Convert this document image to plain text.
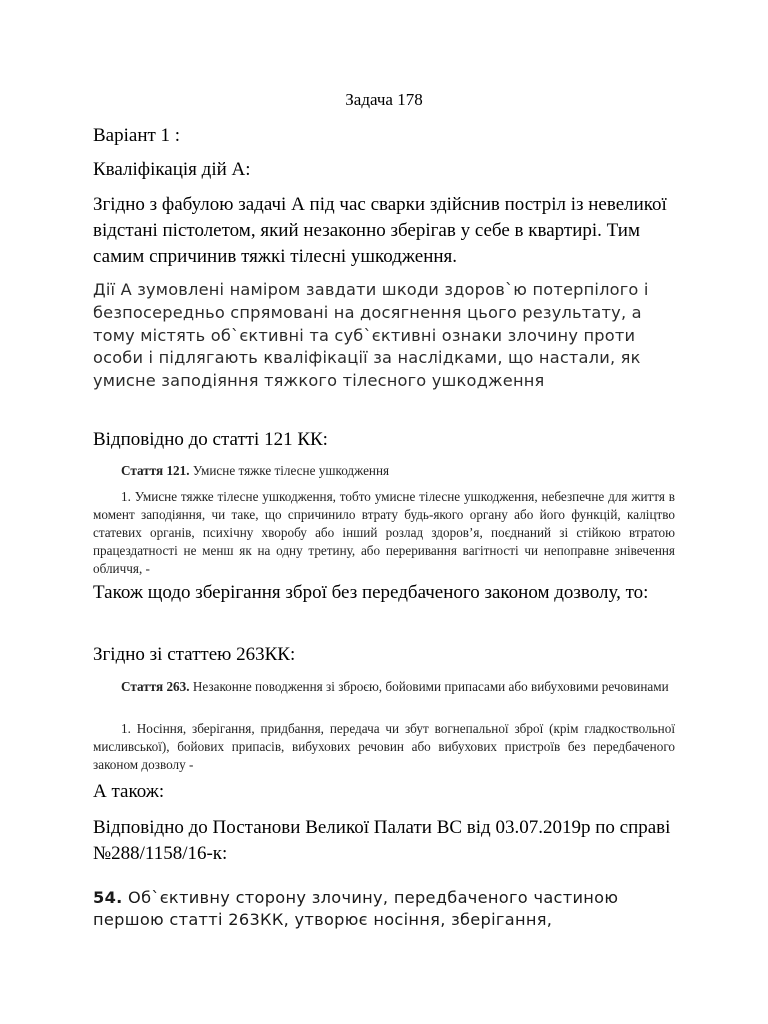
Задача 178
Варіант 1 :
Кваліфікація дій А:
Згідно з фабулою задачі А під час сварки здійснив постріл із невеликої відстані пістолетом, який незаконно зберігав у себе в квартирі. Тим самим спричинив тяжкі тілесні ушкодження.
Дії А зумовлені наміром завдати шкоди здоров`ю потерпілого і безпосередньо спрямовані на досягнення цього результату, а тому містять об`єктивні та суб`єктивні ознаки злочину проти особи і підлягають кваліфікації за наслідками, що настали, як умисне заподіяння тяжкого тілесного ушкодження
Відповідно до статті 121 КК:
Стаття 121. Умисне тяжке тілесне ушкодження
1. Умисне тяжке тілесне ушкодження, тобто умисне тілесне ушкодження, небезпечне для життя в момент заподіяння, чи таке, що спричинило втрату будь-якого органу або його функцій, каліцтво статевих органів, психічну хворобу або інший розлад здоров’я, поєднаний зі стійкою втратою працездатності не менш як на одну третину, або переривання вагітності чи непоправне знівечення обличчя, -
Також щодо зберігання зброї без передбаченого законом дозволу, то:
Згідно зі статтею 263КК:
Стаття 263. Незаконне поводження зі зброєю, бойовими припасами або вибуховими речовинами
1. Носіння, зберігання, придбання, передача чи збут вогнепальної зброї (крім гладкоствольної мисливської), бойових припасів, вибухових речовин або вибухових пристроїв без передбаченого законом дозволу -
А також:
Відповідно до Постанови Великої Палати ВС від 03.07.2019р по справі №288/1158/16-к:
54. Об`єктивну сторону злочину, передбаченого частиною першою статті 263КК, утворює носіння, зберігання,
